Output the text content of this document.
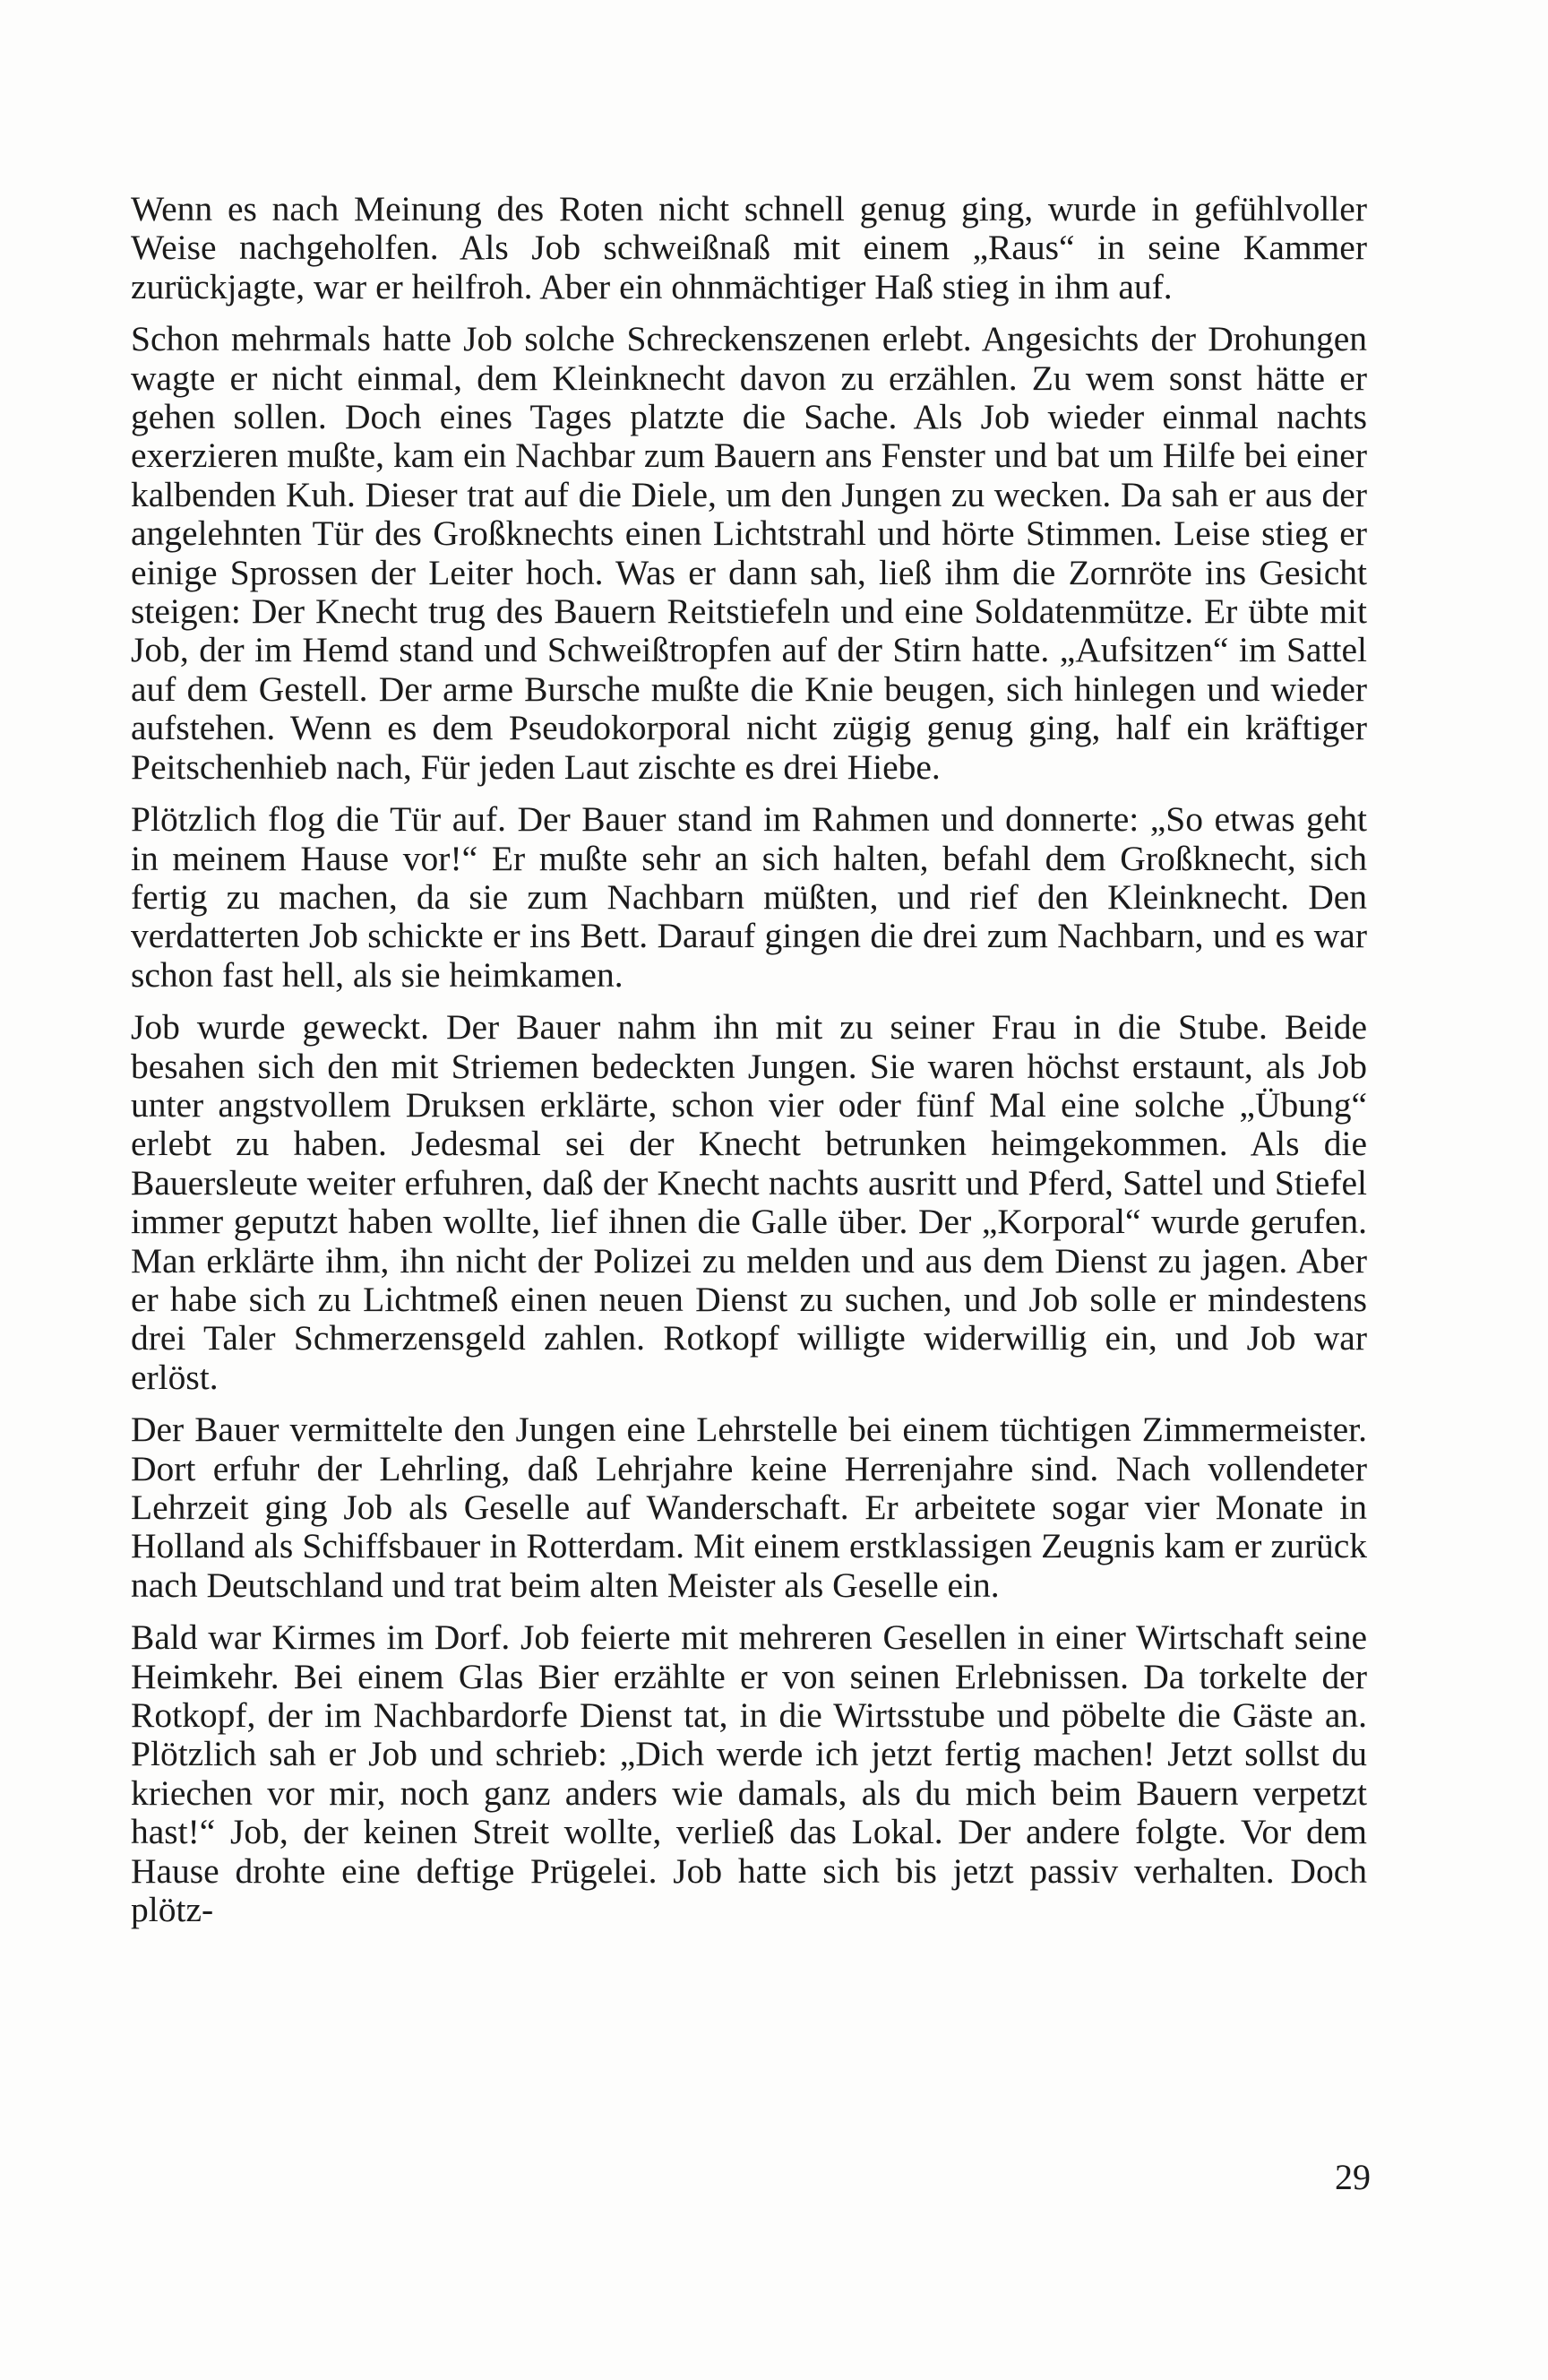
Wenn es nach Meinung des Roten nicht schnell genug ging, wurde in gefühlvoller Weise nachgeholfen. Als Job schweißnaß mit einem „Raus“ in seine Kammer zurückjagte, war er heilfroh. Aber ein ohnmächtiger Haß stieg in ihm auf.

Schon mehrmals hatte Job solche Schreckenszenen erlebt. Angesichts der Drohungen wagte er nicht einmal, dem Kleinknecht davon zu erzählen. Zu wem sonst hätte er gehen sollen. Doch eines Tages platzte die Sache. Als Job wieder einmal nachts exerzieren mußte, kam ein Nachbar zum Bauern ans Fenster und bat um Hilfe bei einer kalbenden Kuh. Dieser trat auf die Diele, um den Jungen zu wecken. Da sah er aus der angelehnten Tür des Großknechts einen Lichtstrahl und hörte Stimmen. Leise stieg er einige Sprossen der Leiter hoch. Was er dann sah, ließ ihm die Zornröte ins Gesicht steigen: Der Knecht trug des Bauern Reitstiefeln und eine Soldatenmütze. Er übte mit Job, der im Hemd stand und Schweißtropfen auf der Stirn hatte. „Aufsitzen“ im Sattel auf dem Gestell. Der arme Bursche mußte die Knie beugen, sich hinlegen und wieder aufstehen. Wenn es dem Pseudokorporal nicht zügig genug ging, half ein kräftiger Peitschenhieb nach, Für jeden Laut zischte es drei Hiebe.

Plötzlich flog die Tür auf. Der Bauer stand im Rahmen und donnerte: „So etwas geht in meinem Hause vor!“ Er mußte sehr an sich halten, befahl dem Großknecht, sich fertig zu machen, da sie zum Nachbarn müßten, und rief den Kleinknecht. Den verdatterten Job schickte er ins Bett. Darauf gingen die drei zum Nachbarn, und es war schon fast hell, als sie heimkamen.

Job wurde geweckt. Der Bauer nahm ihn mit zu seiner Frau in die Stube. Beide besahen sich den mit Striemen bedeckten Jungen. Sie waren höchst erstaunt, als Job unter angstvollem Druksen erklärte, schon vier oder fünf Mal eine solche „Übung“ erlebt zu haben. Jedesmal sei der Knecht betrunken heimgekommen. Als die Bauersleute weiter erfuhren, daß der Knecht nachts ausritt und Pferd, Sattel und Stiefel immer geputzt haben wollte, lief ihnen die Galle über. Der „Korporal“ wurde gerufen. Man erklärte ihm, ihn nicht der Polizei zu melden und aus dem Dienst zu jagen. Aber er habe sich zu Lichtmeß einen neuen Dienst zu suchen, und Job solle er mindestens drei Taler Schmerzensgeld zahlen. Rotkopf willigte widerwillig ein, und Job war erlöst.

Der Bauer vermittelte den Jungen eine Lehrstelle bei einem tüchtigen Zimmermeister. Dort erfuhr der Lehrling, daß Lehrjahre keine Herrenjahre sind. Nach vollendeter Lehrzeit ging Job als Geselle auf Wanderschaft. Er arbeitete sogar vier Monate in Holland als Schiffsbauer in Rotterdam. Mit einem erstklassigen Zeugnis kam er zurück nach Deutschland und trat beim alten Meister als Geselle ein.

Bald war Kirmes im Dorf. Job feierte mit mehreren Gesellen in einer Wirtschaft seine Heimkehr. Bei einem Glas Bier erzählte er von seinen Erlebnissen. Da torkelte der Rotkopf, der im Nachbardorfe Dienst tat, in die Wirtsstube und pöbelte die Gäste an. Plötzlich sah er Job und schrieb: „Dich werde ich jetzt fertig machen! Jetzt sollst du kriechen vor mir, noch ganz anders wie damals, als du mich beim Bauern verpetzt hast!“ Job, der keinen Streit wollte, verließ das Lokal. Der andere folgte. Vor dem Hause drohte eine deftige Prügelei. Job hatte sich bis jetzt passiv verhalten. Doch plötz-

29
